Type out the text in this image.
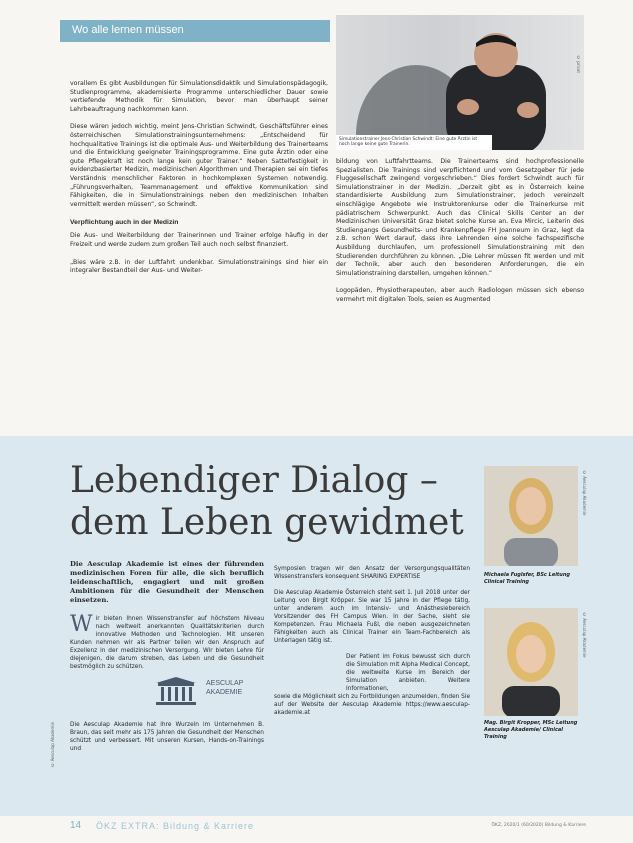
Wo alle lernen müssen
Simulationstrainer Jens-Christian Schwindt: Eine gute Ärztin ist noch lange keine gute Trainerin.
© privat

vorallem Es gibt Ausbildungen für Simulationsdidaktik und Simulationspädagogik, Studienprogramme, akademisierte Programme unterschiedlicher Dauer sowie vertiefende Methodik für Simulation, bevor man überhaupt seiner Lehrbeauftragung nachkommen kann.

Diese wären jedoch wichtig, meint Jens-Christian Schwindt, Geschäftsführer eines österreichischen Simulationstrainingsunternehmens: „Entscheidend für hochqualitative Trainings ist die optimale Aus- und Weiterbildung des Trainerteams und die Entwicklung geeigneter Trainingsprogramme. Eine gute Ärztin oder eine gute Pflegekraft ist noch lange kein guter Trainer.“ Neben Sattelfestigkeit in evidenzbasierter Medizin, medizinischen Algorithmen und Therapien sei ein tiefes Verständnis menschlicher Faktoren in hochkomplexen Systemen notwendig. „Führungsverhalten, Teammanagement und effektive Kommunikation sind Fähigkeiten, die in Simulationstrainings neben den medizinischen Inhalten vermittelt werden müssen“, so Schwindt.

Verpflichtung auch in der Medizin

Die Aus- und Weiterbildung der Trainerinnen und Trainer erfolge häufig in der Freizeit und werde zudem zum großen Teil auch noch selbst finanziert.

„Bies wäre z.B. in der Luftfahrt undenkbar. Simulationstrainings sind hier ein integraler Bestandteil der Aus- und Weiter-

bildung von Luftfahrtteams. Die Trainerteams sind hochprofessionelle Spezialisten. Die Trainings sind verpflichtend und vom Gesetzgeber für jede Fluggesellschaft zwingend vorgeschrieben.“ Dies fordert Schwindt auch für Simulationstrainer in der Medizin. „Derzeit gibt es in Österreich keine standardisierte Ausbildung zum Simulationstrainer, jedoch vereinzelt einschlägige Angebote wie Instruktorenkurse oder die Trainerkurse mit pädiatrischem Schwerpunkt. Auch das Clinical Skills Center an der Medizinischen Universität Graz bietet solche Kurse an. Eva Mircic, Leiterin des Studiengangs Gesundheits- und Krankenpflege FH Joanneum in Graz, legt da z.B. schon Wert darauf, dass ihre Lehrenden eine solche fachspezifische Ausbildung durchlaufen, um professionell Simulationstraining mit den Studierenden durchführen zu können. „Die Lehrer müssen fit werden und mit der Technik, aber auch den besonderen Anforderungen, die ein Simulationstraining darstellen, umgehen können.“

Logopäden, Physiotherapeuten, aber auch Radiologen müssen sich ebenso vermehrt mit digitalen Tools, seien es Augmented

Lebendiger Dialog –
dem Leben gewidmet

Die Aesculap Akademie ist eines der führenden medizinischen Foren für alle, die sich beruflich leidenschaftlich, engagiert und mit großen Ambitionen für die Gesundheit der Menschen einsetzen.

W ir bieten Ihnen Wissenstransfer auf höchstem Niveau nach weltweit anerkannten Qualitätskriterien durch innovative Methoden und Technologien. Mit unseren Kunden nehmen wir als Partner teilen wir den Anspruch auf Exzellenz in der medizinischen Versorgung. Wir bieten Lehre für diejenigen, die darum streben, das Leben und die Gesundheit bestmöglich zu schützen.

AESCULAP
AKADEMIE

Die Aesculap Akademie hat ihre Wurzeln im Unternehmen B. Braun, das seit mehr als 175 Jahren die Gesundheit der Menschen schützt und verbessert. Mit unseren Kursen, Hands-on-Trainings und

Symposien tragen wir den Ansatz der Versorgungsqualitäten Wissenstransfers konsequent SHARING EXPERTISE

Die Aesculap Akademie Österreich steht seit 1. Juli 2018 unter der Leitung von Birgit Kröpper. Sie war 15 Jahre in der Pflege tätig, unter anderem auch im Intensiv- und Anästhesiebereich Vorsitzender des FH Campus Wien. In der Sache, sieht sie Kompetenzen. Frau Michaela Fußl, die neben ausgezeichneten Fähigkeiten auch als Clinical Trainer ein Team-Fachbereich als Unterlagen tätig ist.

Der Patient im Fokus bewusst sich durch die Simulation mit Alpha Medical Concept, die weltweite Kurse im Bereich der Simulation anbieten. Weitere Informationen,

sowie die Möglichkeit sich zu Fortbildungen anzumelden, finden Sie auf der Website der Aesculap Akademie https://www.aesculap-akademie.at

Michaela Fuglsfer, BSc Leitung Clinical Training
Mag. Birgit Kropper, MSc Leitung Aesculap Akademie/ Clinical Training
© Aesculap Akademie
© Aesculap Akademie
© Aesculap Akademie
14 ÖKZ EXTRA: Bildung & Karriere	ÖKZ, 2020/1 (60/2020) Bildung & Karriere
